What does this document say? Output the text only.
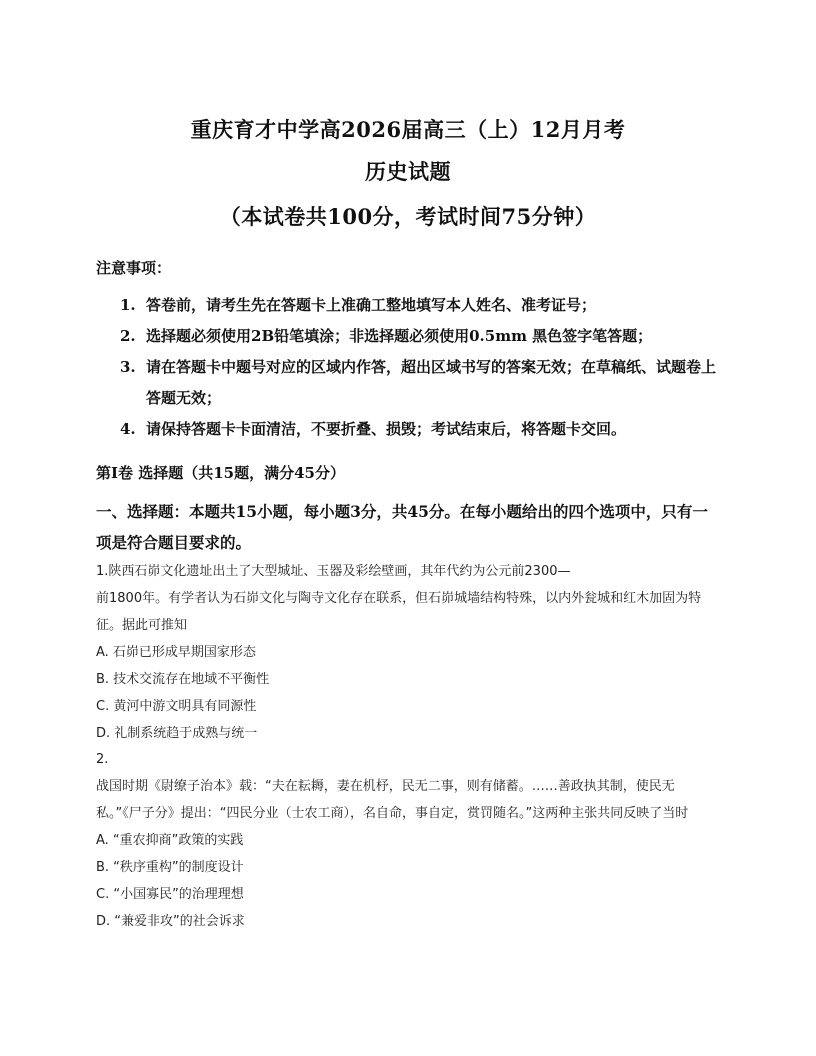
重庆育才中学高2026届高三（上）12月月考
历史试题
（本试卷共100分，考试时间75分钟）
注意事项：
1. 答卷前，请考生先在答题卡上准确工整地填写本人姓名、准考证号；
2. 选择题必须使用2B铅笔填涂；非选择题必须使用0.5mm 黑色签字笔答题；
3. 请在答题卡中题号对应的区域内作答，超出区域书写的答案无效；在草稿纸、试题卷上答题无效；
4. 请保持答题卡卡面清洁，不要折叠、损毁；考试结束后，将答题卡交回。
第Ⅰ卷 选择题（共15题，满分45分）
一、选择题：本题共15小题，每小题3分，共45分。在每小题给出的四个选项中，只有一项是符合题目要求的。
1.陕西石峁文化遗址出土了大型城址、玉器及彩绘壁画，其年代约为公元前2300—
前1800年。有学者认为石峁文化与陶寺文化存在联系，但石峁城墙结构特殊，以内外瓮城和红木加固为特征。据此可推知
A. 石峁已形成早期国家形态
B. 技术交流存在地域不平衡性
C. 黄河中游文明具有同源性
D. 礼制系统趋于成熟与统一
2.
战国时期《尉缭子治本》载：“夫在耘耨，妻在机杼，民无二事，则有储蓄。……善政执其制，使民无私。”《尸子分》提出：“四民分业（士农工商），名自命，事自定，赏罚随名。”这两种主张共同反映了当时
A. “重农抑商”政策的实践
B. “秩序重构”的制度设计
C. “小国寡民”的治理理想
D. “兼爱非攻”的社会诉求
